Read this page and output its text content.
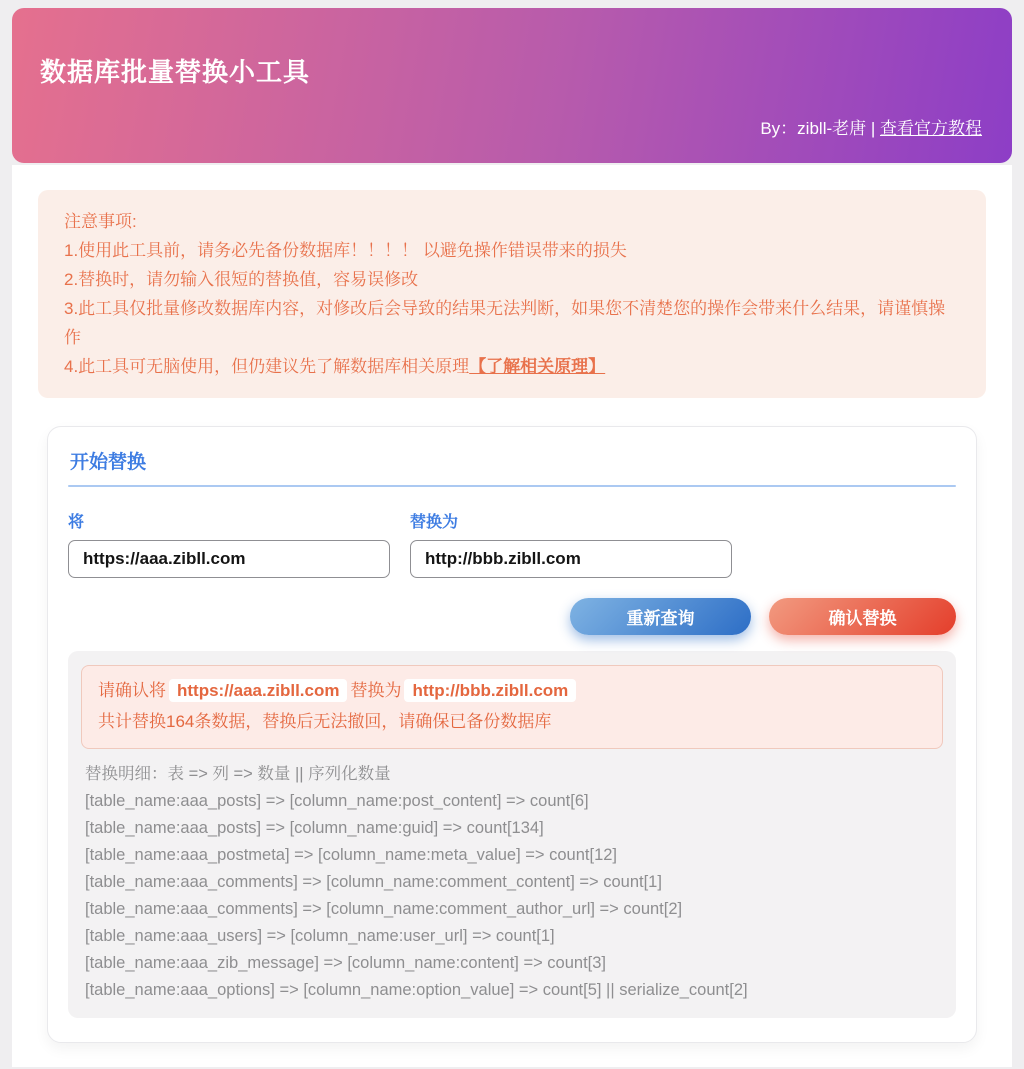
数据库批量替换小工具
By：zibll-老唐 | 查看官方教程

注意事项:

1.使用此工具前，请务必先备份数据库！！！！ 以避免操作错误带来的损失

2.替换时，请勿输入很短的替换值，容易误修改

3.此工具仅批量修改数据库内容，对修改后会导致的结果无法判断，如果您不清楚您的操作会带来什么结果，请谨慎操作

4.此工具可无脑使用，但仍建议先了解数据库相关原理【了解相关原理】

开始替换
将
https://aaa.zibll.com	替换为
http://bbb.zibll.com
重新查询	确认替换
请确认将 https://aaa.zibll.com 替换为 http://bbb.zibll.com
共计替换164条数据，替换后无法撤回，请确保已备份数据库
替换明细：表 => 列 => 数量 || 序列化数量
[table_name:aaa_posts] => [column_name:post_content] => count[6]
[table_name:aaa_posts] => [column_name:guid] => count[134]
[table_name:aaa_postmeta] => [column_name:meta_value] => count[12]
[table_name:aaa_comments] => [column_name:comment_content] => count[1]
[table_name:aaa_comments] => [column_name:comment_author_url] => count[2]
[table_name:aaa_users] => [column_name:user_url] => count[1]
[table_name:aaa_zib_message] => [column_name:content] => count[3]
[table_name:aaa_options] => [column_name:option_value] => count[5] || serialize_count[2]
